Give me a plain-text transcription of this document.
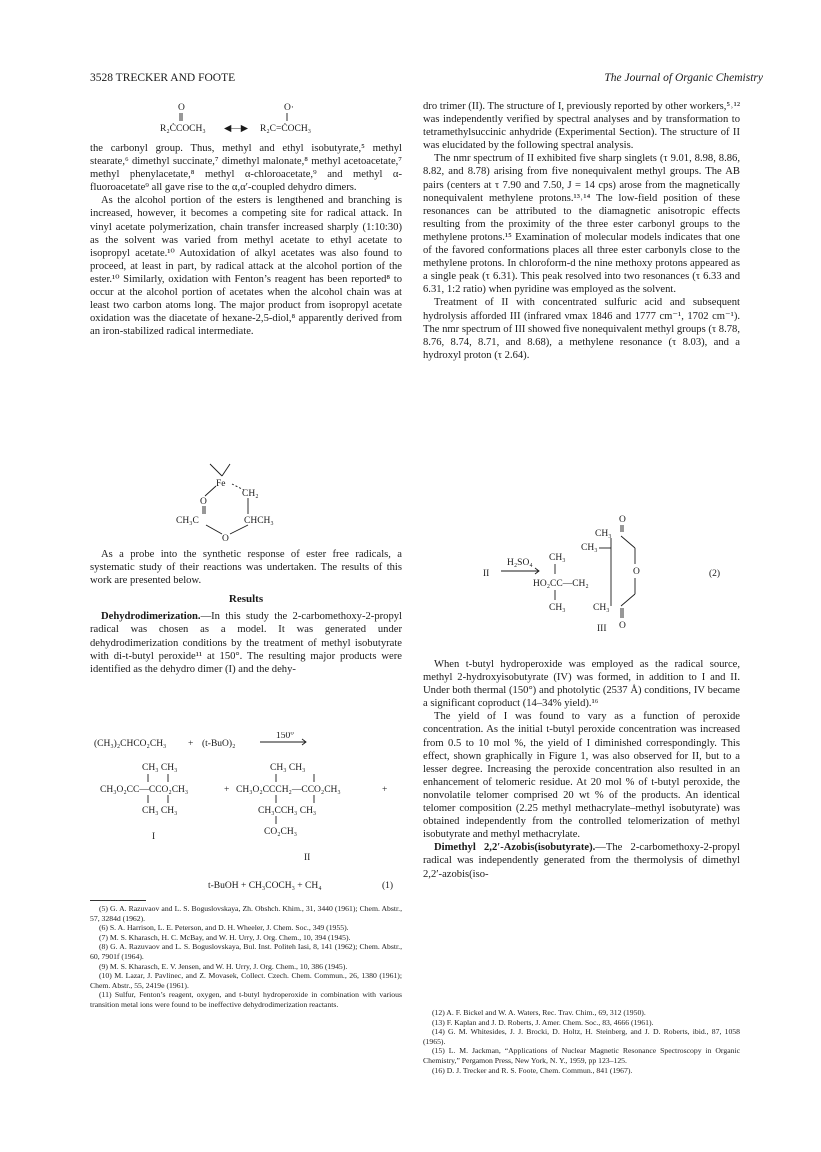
3528 TRECKER AND FOOTE	The Journal of Organic Chemistry
O
R₂ĊCOCH₃ ◀—▶
O·
R₂C=ĊOCH₃

the carbonyl group. Thus, methyl and ethyl isobutyrate,⁵ methyl stearate,⁶ dimethyl succinate,⁷ dimethyl malonate,⁸ methyl acetoacetate,⁷ methyl phenylacetate,⁸ methyl α-chloroacetate,⁹ and methyl α-fluoroacetate⁹ all gave rise to the α,α′-coupled dehydro dimers.

As the alcohol portion of the esters is lengthened and branching is increased, however, it becomes a competing site for radical attack. In vinyl acetate polymerization, chain transfer increased sharply (1:10:30) as the solvent was varied from methyl acetate to ethyl acetate to isopropyl acetate.¹⁰ Autoxidation of alkyl acetates was also found to proceed, at least in part, by radical attack at the alcohol portion of the ester.¹⁰ Similarly, oxidation with Fenton’s reagent has been reported⁸ to occur at the alcohol portion of acetates when the alcohol chain was at least two carbon atoms long. The major product from isopropyl acetate oxidation was the diacetate of hexane-2,5-diol,⁸ apparently derived from an iron-stabilized radical intermediate.

Fe
O
CH₂
CH₃C	CHCH₃
O

As a probe into the synthetic response of ester free radicals, a systematic study of their reactions was undertaken. The results of this work are presented below.

Results

Dehydrodimerization.—In this study the 2-carbomethoxy-2-propyl radical was chosen as a model. It was generated under dehydrodimerization conditions by the treatment of methyl isobutyrate with di-t-butyl peroxide¹¹ at 150°. The resulting major products were identified as the dehydro dimer (I) and the dehy-

(CH₃)₂CHCO₂CH₃ + (t-BuO)₂
150°
CH₃ CH₃
CH₃O₂CC—CCO₂CH₃
CH₃ CH₃
I
+
CH₃ CH₃
CH₃O₂CCCH₂—CCO₂CH₃
CH₃CCH₃ CH₃
CO₂CH₃
II
+
t-BuOH + CH₃COCH₃ + CH₄	(1)

(5) G. A. Razuvaov and L. S. Boguslovskaya, Zh. Obshch. Khim., 31, 3440 (1961); Chem. Abstr., 57, 3284d (1962).

(6) S. A. Harrison, L. E. Peterson, and D. H. Wheeler, J. Chem. Soc., 349 (1955).

(7) M. S. Kharasch, H. C. McBay, and W. H. Urry, J. Org. Chem., 10, 394 (1945).

(8) G. A. Razuvaov and L. S. Boguslovskaya, Bul. Inst. Politeh Iasi, 8, 141 (1962); Chem. Abstr., 60, 7901f (1964).

(9) M. S. Kharasch, E. V. Jensen, and W. H. Urry, J. Org. Chem., 10, 386 (1945).

(10) M. Lazar, J. Pavlinec, and Z. Movasek, Collect. Czech. Chem. Commun., 26, 1380 (1961); Chem. Abstr., 55, 2419e (1961).

(11) Sulfur, Fenton’s reagent, oxygen, and t-butyl hydroperoxide in combination with various transition metal ions were found to be ineffective dehydrodimerization reactants.

dro trimer (II). The structure of I, previously reported by other workers,⁵˒¹² was independently verified by spectral analyses and by transformation to tetramethylsuccinic anhydride (Experimental Section). The structure of II was elucidated by the following spectral analysis.

The nmr spectrum of II exhibited five sharp singlets (τ 9.01, 8.98, 8.86, 8.82, and 8.78) arising from five nonequivalent methyl groups. The AB pairs (centers at τ 7.90 and 7.50, J = 14 cps) arose from the magnetically nonequivalent methylene protons.¹³˒¹⁴ The low-field position of these resonances can be attributed to the diamagnetic anisotropic effects resulting from the proximity of the three ester carbonyl groups to the methylene protons.¹⁵ Examination of molecular models indicates that one of the favored conformations places all three ester carbonyls close to the methylene protons. In chloroform-d the nine methoxy protons appeared as a single peak (τ 6.31). This peak resolved into two resonances (τ 6.33 and 6.31, 1:2 ratio) when pyridine was employed as the solvent.

Treatment of II with concentrated sulfuric acid and subsequent hydrolysis afforded III (infrared νmax 1846 and 1777 cm⁻¹, 1702 cm⁻¹). The nmr spectrum of III showed five nonequivalent methyl groups (τ 8.78, 8.76, 8.74, 8.71, and 8.68), a methylene resonance (τ 8.03), and a hydroxyl proton (τ 2.64).

II
H₂SO₄
O
CH₃
CH₃
CH₃
O
HO₂CC—CH₂
CH₃	CH₃
O
(2)
III

When t-butyl hydroperoxide was employed as the radical source, methyl 2-hydroxyisobutyrate (IV) was formed, in addition to I and II. Under both thermal (150°) and photolytic (2537 Å) conditions, IV became a significant coproduct (14–34% yield).¹⁶

The yield of I was found to vary as a function of peroxide concentration. As the initial t-butyl peroxide concentration was increased from 0.5 to 10 mol %, the yield of I diminished correspondingly. This effect, shown graphically in Figure 1, was also observed for II, but to a lesser degree. Increasing the peroxide concentration also resulted in an enhancement of telomeric residue. At 20 mol % of t-butyl peroxide, the nonvolatile telomer comprised 20 wt % of the products. An identical telomer composition (2.25 methyl methacrylate–methyl isobutyrate) was obtained independently from the controlled telomerization of methyl isobutyrate and methyl methacrylate.

Dimethyl 2,2′-Azobis(isobutyrate).—The 2-carbomethoxy-2-propyl radical was independently generated from the thermolysis of dimethyl 2,2′-azobis(iso-

(12) A. F. Bickel and W. A. Waters, Rec. Trav. Chim., 69, 312 (1950).

(13) F. Kaplan and J. D. Roberts, J. Amer. Chem. Soc., 83, 4666 (1961).

(14) G. M. Whitesides, J. J. Brocki, D. Holtz, H. Steinberg, and J. D. Roberts, ibid., 87, 1058 (1965).

(15) L. M. Jackman, “Applications of Nuclear Magnetic Resonance Spectroscopy in Organic Chemistry,” Pergamon Press, New York, N. Y., 1959, pp 123–125.

(16) D. J. Trecker and R. S. Foote, Chem. Commun., 841 (1967).
